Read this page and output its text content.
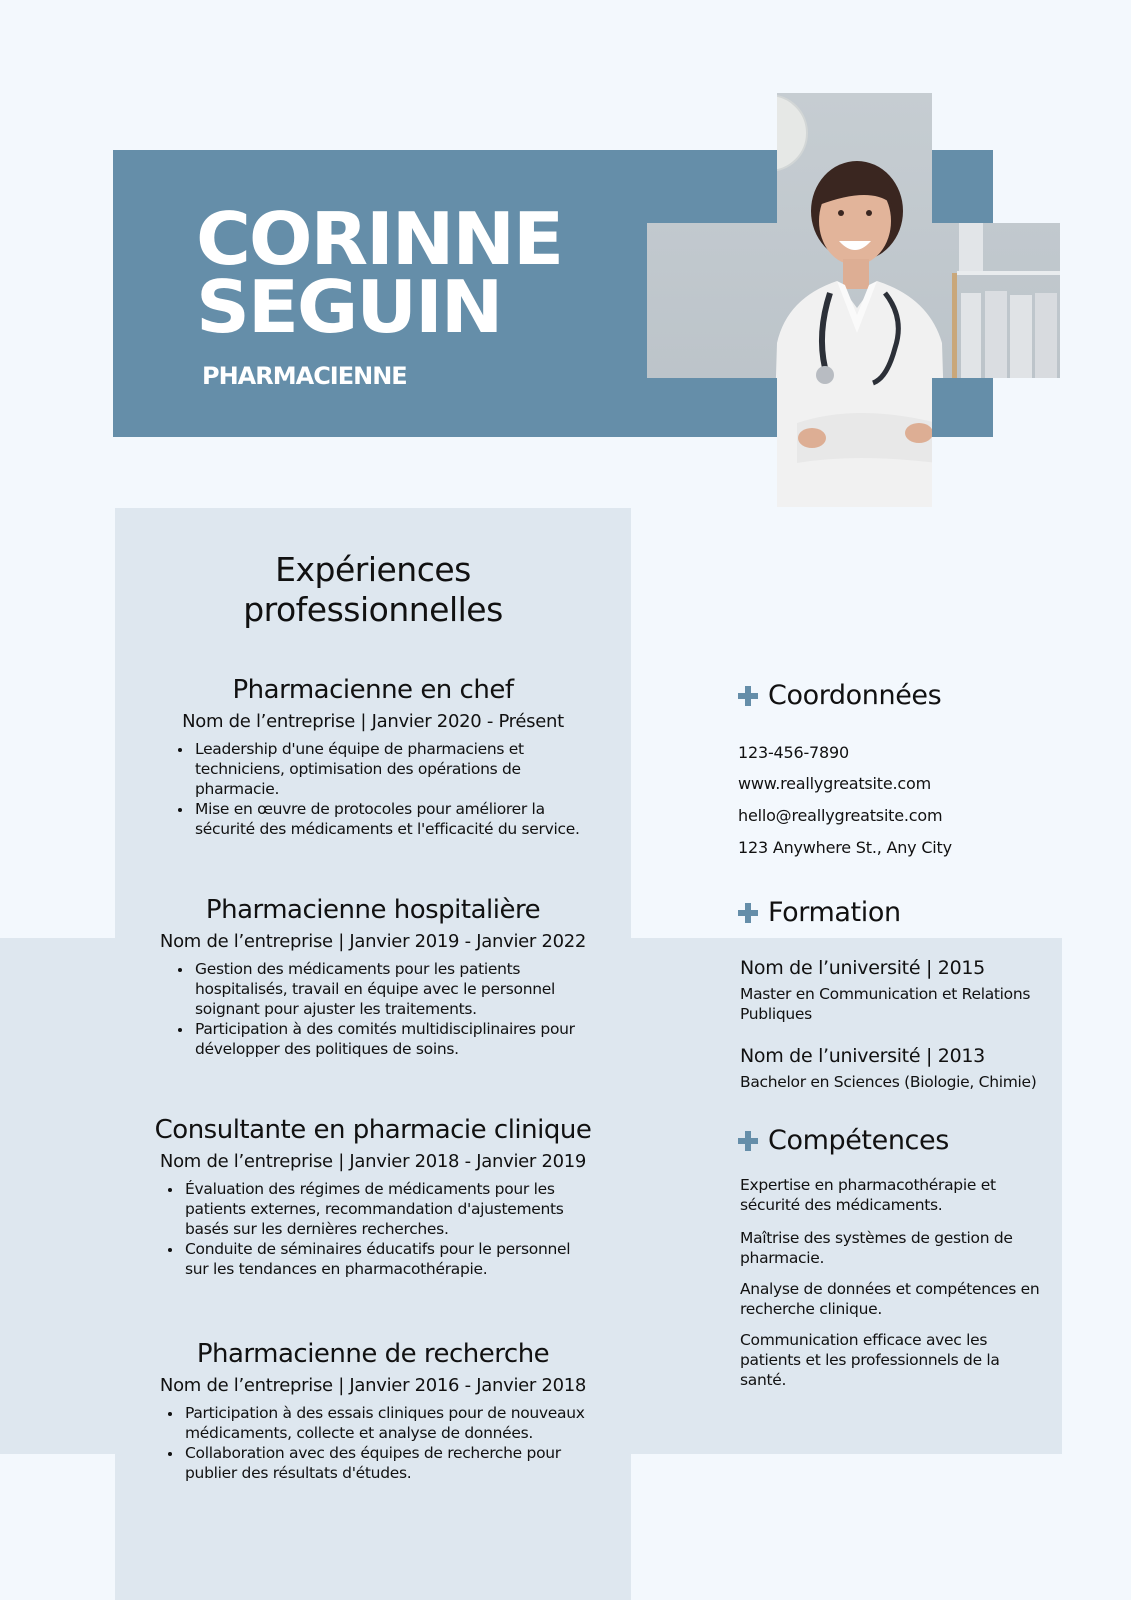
CORINNE
SEGUIN
PHARMACIENNE
Expériences
professionnelles
Pharmacienne en chef
Nom de l’entreprise | Janvier 2020 - Présent
Leadership d'une équipe de pharmaciens et techniciens, optimisation des opérations de pharmacie.
Mise en œuvre de protocoles pour améliorer la sécurité des médicaments et l'efficacité du service.
Pharmacienne hospitalière
Nom de l’entreprise | Janvier 2019 - Janvier 2022
Gestion des médicaments pour les patients hospitalisés, travail en équipe avec le personnel soignant pour ajuster les traitements.
Participation à des comités multidisciplinaires pour développer des politiques de soins.
Consultante en pharmacie clinique
Nom de l’entreprise | Janvier 2018 - Janvier 2019
Évaluation des régimes de médicaments pour les patients externes, recommandation d'ajustements basés sur les dernières recherches.
Conduite de séminaires éducatifs pour le personnel sur les tendances en pharmacothérapie.
Pharmacienne de recherche
Nom de l’entreprise | Janvier 2016 - Janvier 2018
Participation à des essais cliniques pour de nouveaux médicaments, collecte et analyse de données.
Collaboration avec des équipes de recherche pour publier des résultats d'études.
Coordonnées
123-456-7890
www.reallygreatsite.com
hello@reallygreatsite.com
123 Anywhere St., Any City
Formation
Nom de l’université | 2015
Master en Communication et Relations Publiques
Nom de l’université | 2013
Bachelor en Sciences (Biologie, Chimie)
Compétences
Expertise en pharmacothérapie et sécurité des médicaments.
Maîtrise des systèmes de gestion de pharmacie.
Analyse de données et compétences en recherche clinique.
Communication efficace avec les patients et les professionnels de la santé.
